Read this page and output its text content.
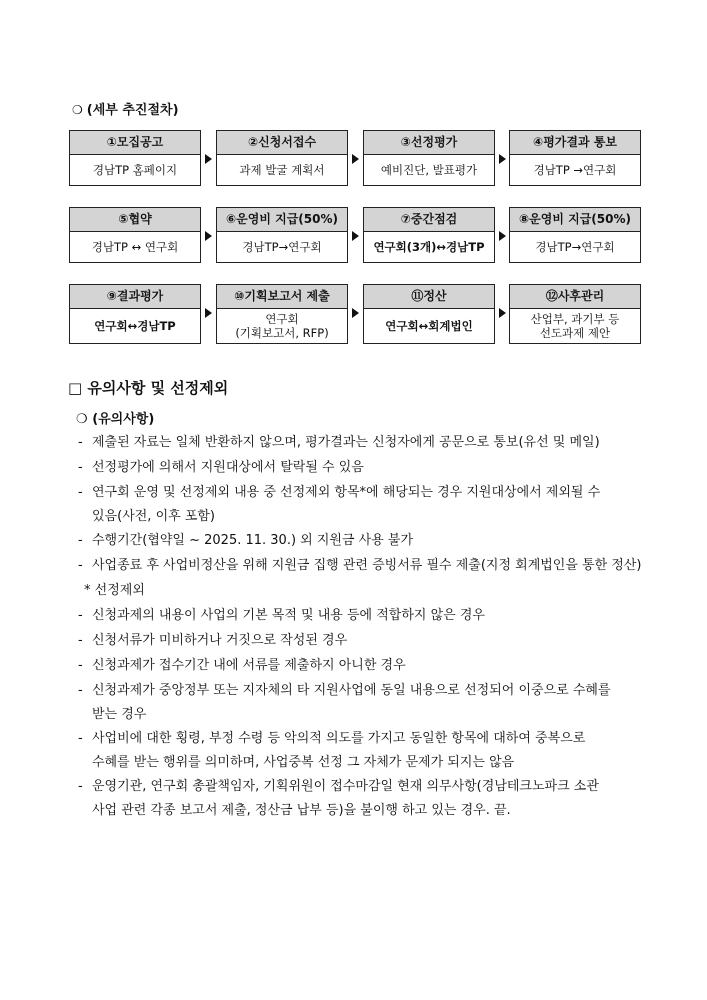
❍ (세부 추진절차)
①모집공고
경남TP 홈페이지
②신청서접수
과제 발굴 계획서
③선정평가
예비진단, 발표평가
④평가결과 통보
경남TP →연구회
⑤협약
경남TP ↔ 연구회
⑥운영비 지급(50%)
경남TP→연구회
⑦중간점검
연구회(3개)↔경남TP
⑧운영비 지급(50%)
경남TP→연구회
⑨결과평가
연구회↔경남TP
⑩기획보고서 제출
연구회
(기획보고서, RFP)
⑪정산
연구회↔회계법인
⑫사후관리
산업부, 과기부 등
선도과제 제안
□ 유의사항 및 선정제외
❍ (유의사항)
- 제출된 자료는 일체 반환하지 않으며, 평가결과는 신청자에게 공문으로 통보(유선 및 메일)
- 선정평가에 의해서 지원대상에서 탈락될 수 있음
- 연구회 운영 및 선정제외 내용 중 선정제외 항목*에 해당되는 경우 지원대상에서 제외될 수
있음(사전, 이후 포함)
- 수행기간(협약일 ~ 2025. 11. 30.) 외 지원금 사용 불가
- 사업종료 후 사업비정산을 위해 지원금 집행 관련 증빙서류 필수 제출(지정 회계법인을 통한 정산)
* 선정제외
- 신청과제의 내용이 사업의 기본 목적 및 내용 등에 적합하지 않은 경우
- 신청서류가 미비하거나 거짓으로 작성된 경우
- 신청과제가 접수기간 내에 서류를 제출하지 아니한 경우
- 신청과제가 중앙정부 또는 지자체의 타 지원사업에 동일 내용으로 선정되어 이중으로 수혜를
받는 경우
- 사업비에 대한 횡령, 부정 수령 등 악의적 의도를 가지고 동일한 항목에 대하여 중복으로
수혜를 받는 행위를 의미하며, 사업중복 선정 그 자체가 문제가 되지는 않음
- 운영기관, 연구회 총괄책임자, 기획위원이 접수마감일 현재 의무사항(경남테크노파크 소관
사업 관련 각종 보고서 제출, 정산금 납부 등)을 불이행 하고 있는 경우. 끝.
